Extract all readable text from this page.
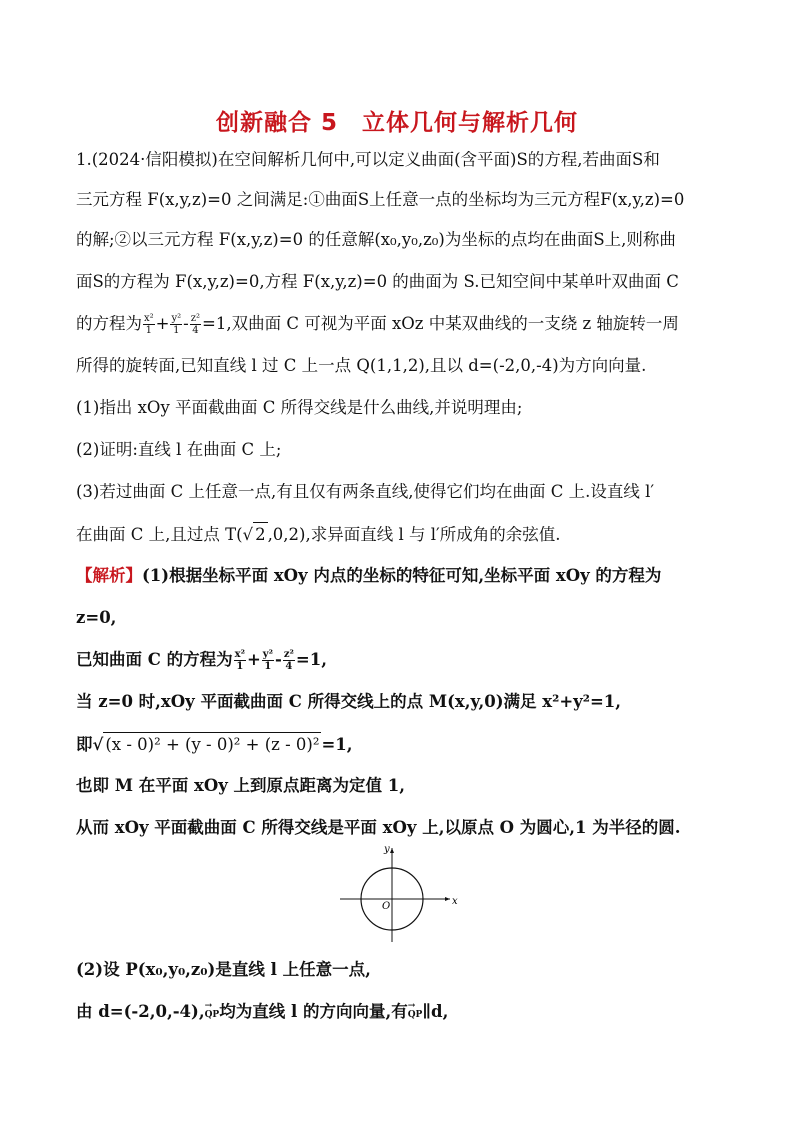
创新融合 5　立体几何与解析几何
1.(2024·信阳模拟)在空间解析几何中,可以定义曲面(含平面)S的方程,若曲面S和
三元方程 F(x,y,z)=0 之间满足:①曲面S上任意一点的坐标均为三元方程F(x,y,z)=0
的解;②以三元方程 F(x,y,z)=0 的任意解(x₀,y₀,z₀)为坐标的点均在曲面S上,则称曲
面S的方程为 F(x,y,z)=0,方程 F(x,y,z)=0 的曲面为 S.已知空间中某单叶双曲面 C
的方程为 $\frac{\text{x²}}{1} + \frac{\text{y²}}{1} - \frac{\text{z²}}{4} =1$,双曲面 C 可视为平面 xOz 中某双曲线的一支绕 z 轴旋转一周
所得的旋转面,已知直线 l 过 C 上一点 Q(1,1,2),且以 d=(-2,0,-4)为方向向量.
(1)指出 xOy 平面截曲面 C 所得交线是什么曲线,并说明理由;
(2)证明:直线 l 在曲面 C 上;
(3)若过曲面 C 上任意一点,有且仅有两条直线,使得它们均在曲面 C 上.设直线 l′
在曲面 C 上,且过点 T(√ 2 ,0,2),求异面直线 l 与 l′所成角的余弦值.
【解析】(1)根据坐标平面 xOy 内点的坐标的特征可知,坐标平面 xOy 的方程为
z=0,
已知曲面 C 的方程为 $\frac{\text{x²}}{1} + \frac{\text{y²}}{1} - \frac{\text{z²}}{4} =1$,
当 z=0 时,xOy 平面截曲面 C 所得交线上的点 M(x,y,0)满足 x²+y²=1,
即√ (x - 0)² + (y - 0)² + (z - 0)² =1,
也即 M 在平面 xOy 上到原点距离为定值 1,
从而 xOy 平面截曲面 C 所得交线是平面 xOy 上,以原点 O 为圆心,1 为半径的圆.
x
y
O
(2)设 P(x₀,y₀,z₀)是直线 l 上任意一点,
由 d=(-2,0,-4),→ QP均为直线 l 的方向向量,有→ QP∥d,
